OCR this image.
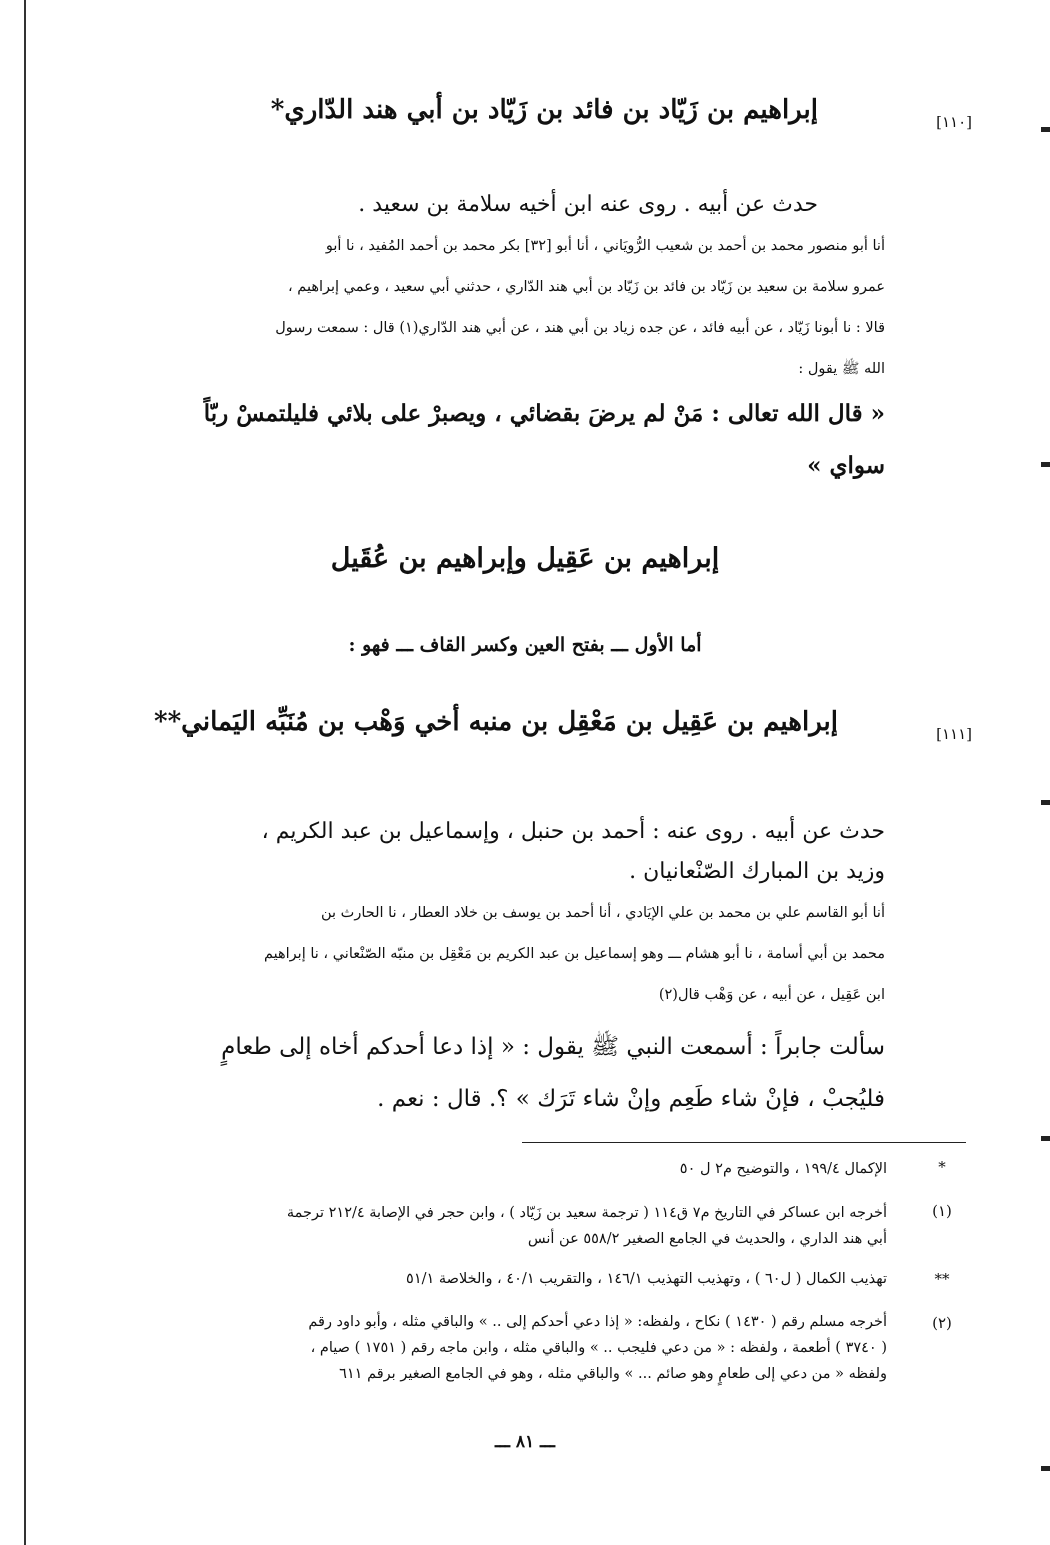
[١١٠]
إبراهيم بن زَيّاد بن فائد بن زَيّاد بن أبي هند الدّاري*
حدث عن أبيه . روى عنه ابن أخيه سلامة بن سعيد .
أنا أبو منصور محمد بن أحمد بن شعيب الرُّويَاني ، أنا أبو [٣٢] بكر محمد بن أحمد المُفيد ، نا أبو
عمرو سلامة بن سعيد بن زَيّاد بن فائد بن زَيّاد بن أبي هند الدّاري ، حدثني أبي سعيد ، وعمي إبراهيم ،
قالا : نا أبونا زَيّاد ، عن أبيه فائد ، عن جده زياد بن أبي هند ، عن أبي هند الدّاري(١) قال : سمعت رسول
الله ﷺ يقول :
« قال الله تعالى : مَنْ لم يرضَ بقضائي ، ويصبرْ على بلائي فليلتمسْ ربّاً
سواي »
إبراهيم بن عَقِيل وإبراهيم بن عُقَيل
أما الأول ـــ بفتح العين وكسر القاف ـــ فهو :
[١١١]
إبراهيم بن عَقِيل بن مَعْقِل بن منبه أخي وَهْب بن مُنَبِّه اليَماني**
حدث عن أبيه . روى عنه : أحمد بن حنبل ، وإسماعيل بن عبد الكريم ،
وزيد بن المبارك الصّنْعانيان .
أنا أبو القاسم علي بن محمد بن علي الإيَادي ، أنا أحمد بن يوسف بن خلاد العطار ، نا الحارث بن
محمد بن أبي أسامة ، نا أبو هشام ـــ وهو إسماعيل بن عبد الكريم بن مَعْقِل بن منبّه الصّنْعاني ، نا إبراهيم
ابن عَقِيل ، عن أبيه ، عن وَهْب قال(٢)
سألت جابراً : أسمعت النبي ﷺ يقول : « إذا دعا أحدكم أخاه إلى طعامٍ
فليُجبْ ، فإنْ شاء طَعِم وإنْ شاء تَرَك » ؟. قال : نعم .
*
الإكمال ١٩٩/٤ ، والتوضيح م٢ ل ٥٠
(١)
أخرجه ابن عساكر في التاريخ م٧ ق١١٤ ( ترجمة سعيد بن زَيّاد ) ، وابن حجر في الإصابة ٢١٢/٤ ترجمة
أبي هند الداري ، والحديث في الجامع الصغير ٥٥٨/٢ عن أنس
**
تهذيب الكمال ( ل٦٠ ) ، وتهذيب التهذيب ١٤٦/١ ، والتقريب ٤٠/١ ، والخلاصة ٥١/١
(٢)
أخرجه مسلم رقم ( ١٤٣٠ ) نكاح ، ولفظه: « إذا دعي أحدكم إلى .. » والباقي مثله ، وأبو داود رقم
( ٣٧٤٠ ) أطعمة ، ولفظه : « من دعي فليجب .. » والباقي مثله ، وابن ماجه رقم ( ١٧٥١ ) صيام ،
ولفظه « من دعي إلى طعامٍ وهو صائم ... » والباقي مثله ، وهو في الجامع الصغير برقم ٦١١
ـــ ٨١ ـــ
